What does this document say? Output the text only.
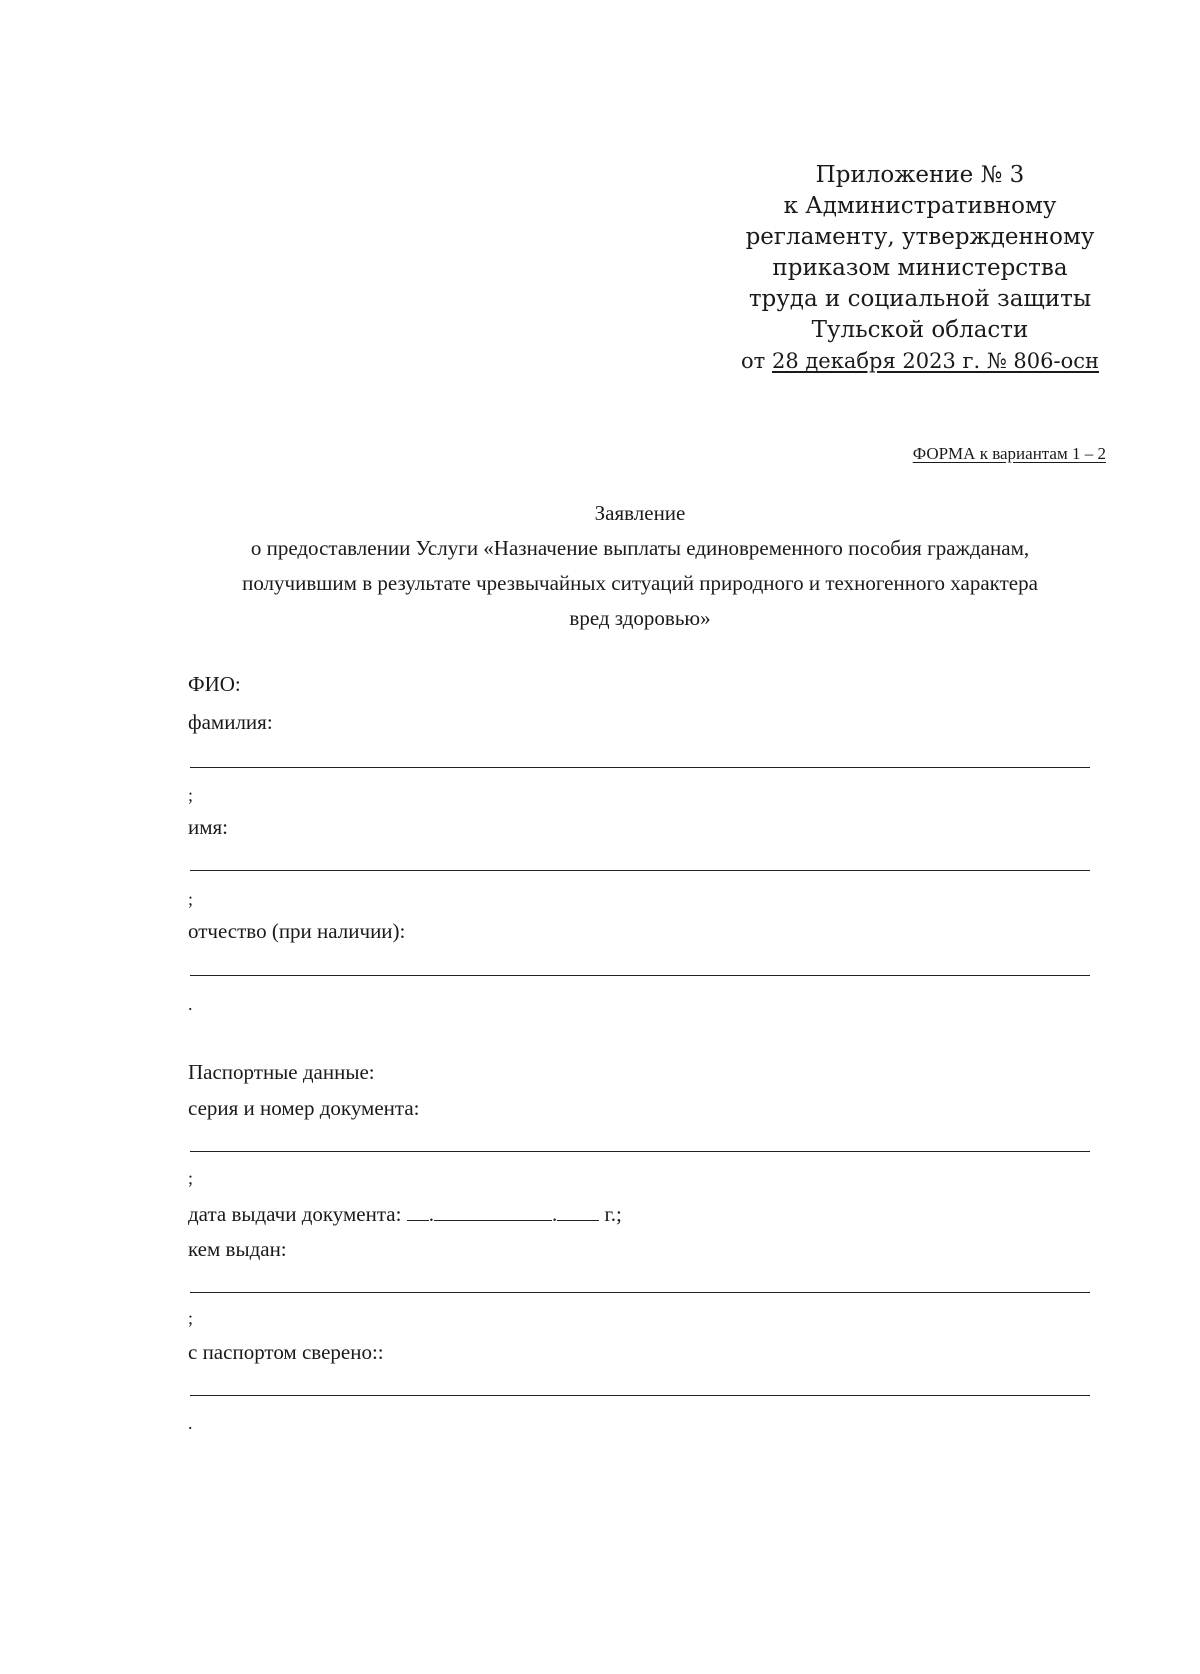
Приложение № 3
к Административному
регламенту, утвержденному
приказом министерства
труда и социальной защиты
Тульской области
от 28 декабря 2023 г. № 806-осн
ФОРМА к вариантам 1 – 2
Заявление
о предоставлении Услуги «Назначение выплаты единовременного пособия гражданам,
получившим в результате чрезвычайных ситуаций природного и техногенного характера
вред здоровью»
ФИО:
фамилия:
;
имя:
;
отчество (при наличии):
.
Паспортные данные:
серия и номер документа:
;
дата выдачи документа: .	. г.;
кем выдан:
;
с паспортом сверено::
.
